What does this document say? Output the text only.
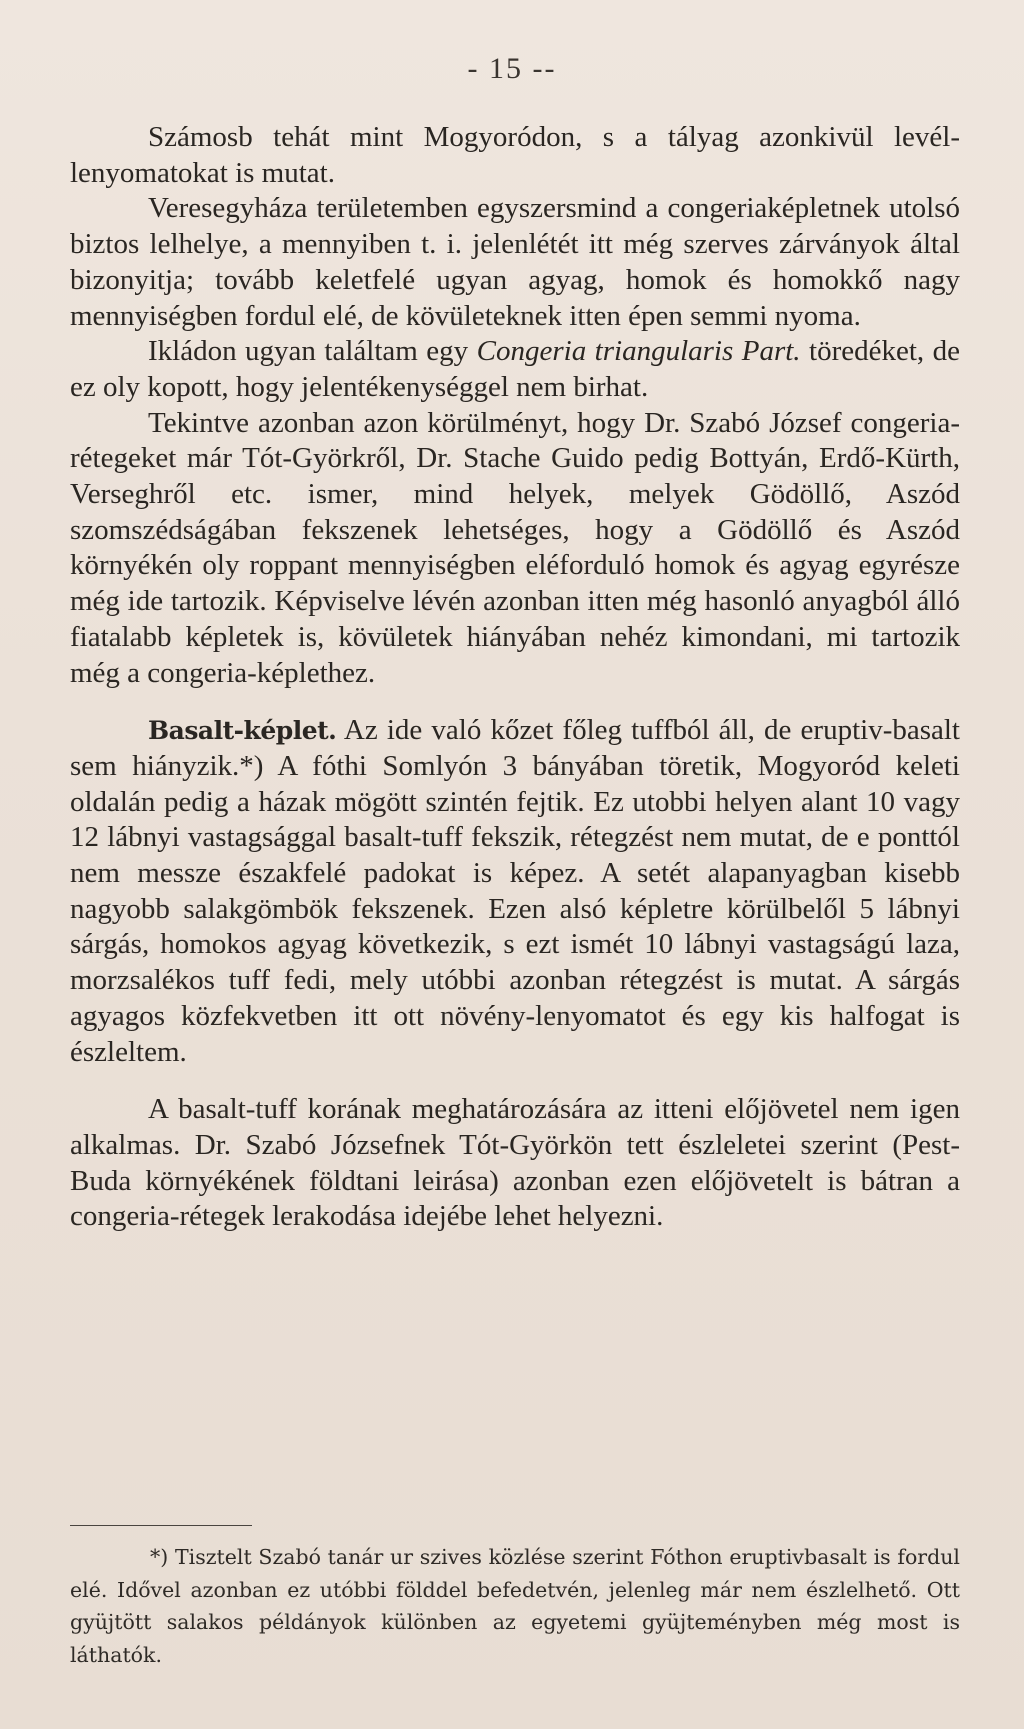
- 15 --

Számosb tehát mint Mogyoródon, s a tályag azonkivül levél-lenyomatokat is mutat.

Veresegyháza területemben egyszersmind a congeriaképletnek utolsó biztos lelhelye, a mennyiben t. i. jelenlétét itt még szerves zárványok által bizonyitja; tovább keletfelé ugyan agyag, homok és homokkő nagy mennyiségben fordul elé, de kövületeknek itten épen semmi nyoma.

Ikládon ugyan találtam egy Congeria triangularis Part. töredéket, de ez oly kopott, hogy jelentékenységgel nem birhat.

Tekintve azonban azon körülményt, hogy Dr. Szabó József congeria-rétegeket már Tót-Györkről, Dr. Stache Guido pedig Bottyán, Erdő-Kürth, Verseghről etc. ismer, mind helyek, melyek Gödöllő, Aszód szomszédságában fekszenek lehetséges, hogy a Gödöllő és Aszód környékén oly roppant mennyiségben eléforduló homok és agyag egyrésze még ide tartozik. Képviselve lévén azonban itten még hasonló anyagból álló fiatalabb képletek is, kövületek hiányában nehéz kimondani, mi tartozik még a congeria-képlethez.

Basalt-képlet. Az ide való kőzet főleg tuffból áll, de eruptiv-basalt sem hiányzik.*) A fóthi Somlyón 3 bányában töretik, Mogyoród keleti oldalán pedig a házak mögött szintén fejtik. Ez utobbi helyen alant 10 vagy 12 lábnyi vastagsággal basalt-tuff fekszik, rétegzést nem mutat, de e ponttól nem messze északfelé padokat is képez. A setét alapanyagban kisebb nagyobb salakgömbök fekszenek. Ezen alsó képletre körülbelől 5 lábnyi sárgás, homokos agyag következik, s ezt ismét 10 lábnyi vastagságú laza, morzsalékos tuff fedi, mely utóbbi azonban rétegzést is mutat. A sárgás agyagos közfekvetben itt ott növény-lenyomatot és egy kis halfogat is észleltem.

A basalt-tuff korának meghatározására az itteni előjövetel nem igen alkalmas. Dr. Szabó Józsefnek Tót-Györkön tett észleletei szerint (Pest-Buda környékének földtani leirása) azonban ezen előjövetelt is bátran a congeria-rétegek lerakodása idejébe lehet helyezni.

*) Tisztelt Szabó tanár ur szives közlése szerint Fóthon eruptivbasalt is fordul elé. Idővel azonban ez utóbbi földdel befedetvén, jelenleg már nem észlelhető. Ott gyüjtött salakos példányok különben az egyetemi gyüjteményben még most is láthatók.
